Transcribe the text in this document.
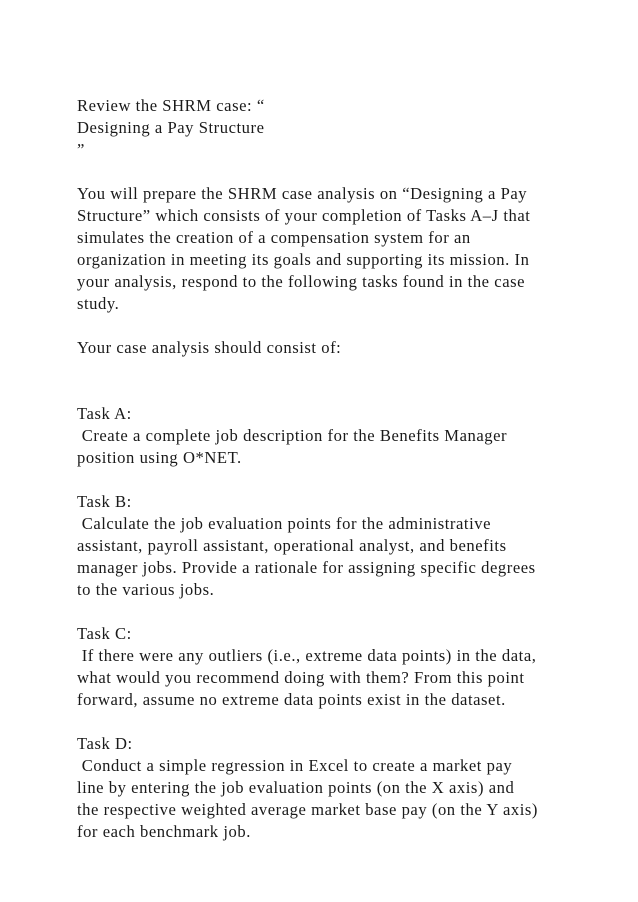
Review the SHRM case: “
Designing a Pay Structure
”
You will prepare the SHRM case analysis on “Designing a Pay
Structure” which consists of your completion of Tasks A–J that
simulates the creation of a compensation system for an
organization in meeting its goals and supporting its mission. In
your analysis, respond to the following tasks found in the case
study.
Your case analysis should consist of:
Task A:
Create a complete job description for the Benefits Manager
position using O*NET.
Task B:
Calculate the job evaluation points for the administrative
assistant, payroll assistant, operational analyst, and benefits
manager jobs. Provide a rationale for assigning specific degrees
to the various jobs.
Task C:
If there were any outliers (i.e., extreme data points) in the data,
what would you recommend doing with them? From this point
forward, assume no extreme data points exist in the dataset.
Task D:
Conduct a simple regression in Excel to create a market pay
line by entering the job evaluation points (on the X axis) and
the respective weighted average market base pay (on the Y axis)
for each benchmark job.
